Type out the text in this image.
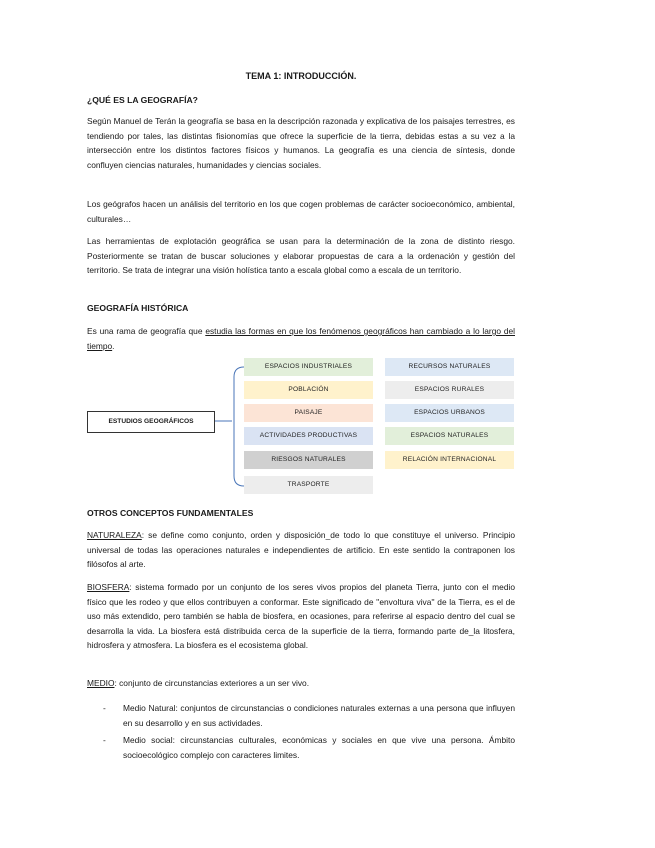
TEMA 1: INTRODUCCIÓN.
¿QUÉ ES LA GEOGRAFÍA?
Según Manuel de Terán la geografía se basa en la descripción razonada y explicativa de los paisajes terrestres, es tendiendo por tales, las distintas fisionomías que ofrece la superficie de la tierra, debidas estas a su vez a la intersección entre los distintos factores físicos y humanos. La geografía es una ciencia de síntesis, donde confluyen ciencias naturales, humanidades y ciencias sociales.
Los geógrafos hacen un análisis del territorio en los que cogen problemas de carácter socioeconómico, ambiental, culturales…
Las herramientas de explotación geográfica se usan para la determinación de la zona de distinto riesgo. Posteriormente se tratan de buscar soluciones y elaborar propuestas de cara a la ordenación y gestión del territorio. Se trata de integrar una visión holística tanto a escala global como a escala de un territorio.
GEOGRAFÍA HISTÓRICA
Es una rama de geografía que estudia las formas en que los fenómenos geográficos han cambiado a lo largo del tiempo.
ESTUDIOS GEOGRÁFICOS
OTROS CONCEPTOS FUNDAMENTALES
NATURALEZA: se define como conjunto, orden y disposición_de todo lo que constituye el universo. Principio universal de todas las operaciones naturales e independientes de artificio. En este sentido la contraponen los filósofos al arte.
BIOSFERA: sistema formado por un conjunto de los seres vivos propios del planeta Tierra, junto con el medio físico que les rodeo y que ellos contribuyen a conformar. Este significado de ''envoltura viva'' de la Tierra, es el de uso más extendido, pero también se habla de biosfera, en ocasiones, para referirse al espacio dentro del cual se desarrolla la vida. La biosfera está distribuida cerca de la superficie de la tierra, formando parte de_la litosfera, hidrosfera y atmosfera. La biosfera es el ecosistema global.
MEDIO: conjunto de circunstancias exteriores a un ser vivo.
- Medio Natural: conjuntos de circunstancias o condiciones naturales externas a una persona que influyen en su desarrollo y en sus actividades.
- Medio social: circunstancias culturales, económicas y sociales en que vive una persona. Ámbito socioecológico complejo con caracteres limites.
ESPACIOS INDUSTRIALES
POBLACIÓN
PAISAJE
ACTIVIDADES PRODUCTIVAS
RIESGOS NATURALES
TRASPORTE
RECURSOS NATURALES
ESPACIOS RURALES
ESPACIOS URBANOS
ESPACIOS NATURALES
RELACIÓN INTERNACIONAL
